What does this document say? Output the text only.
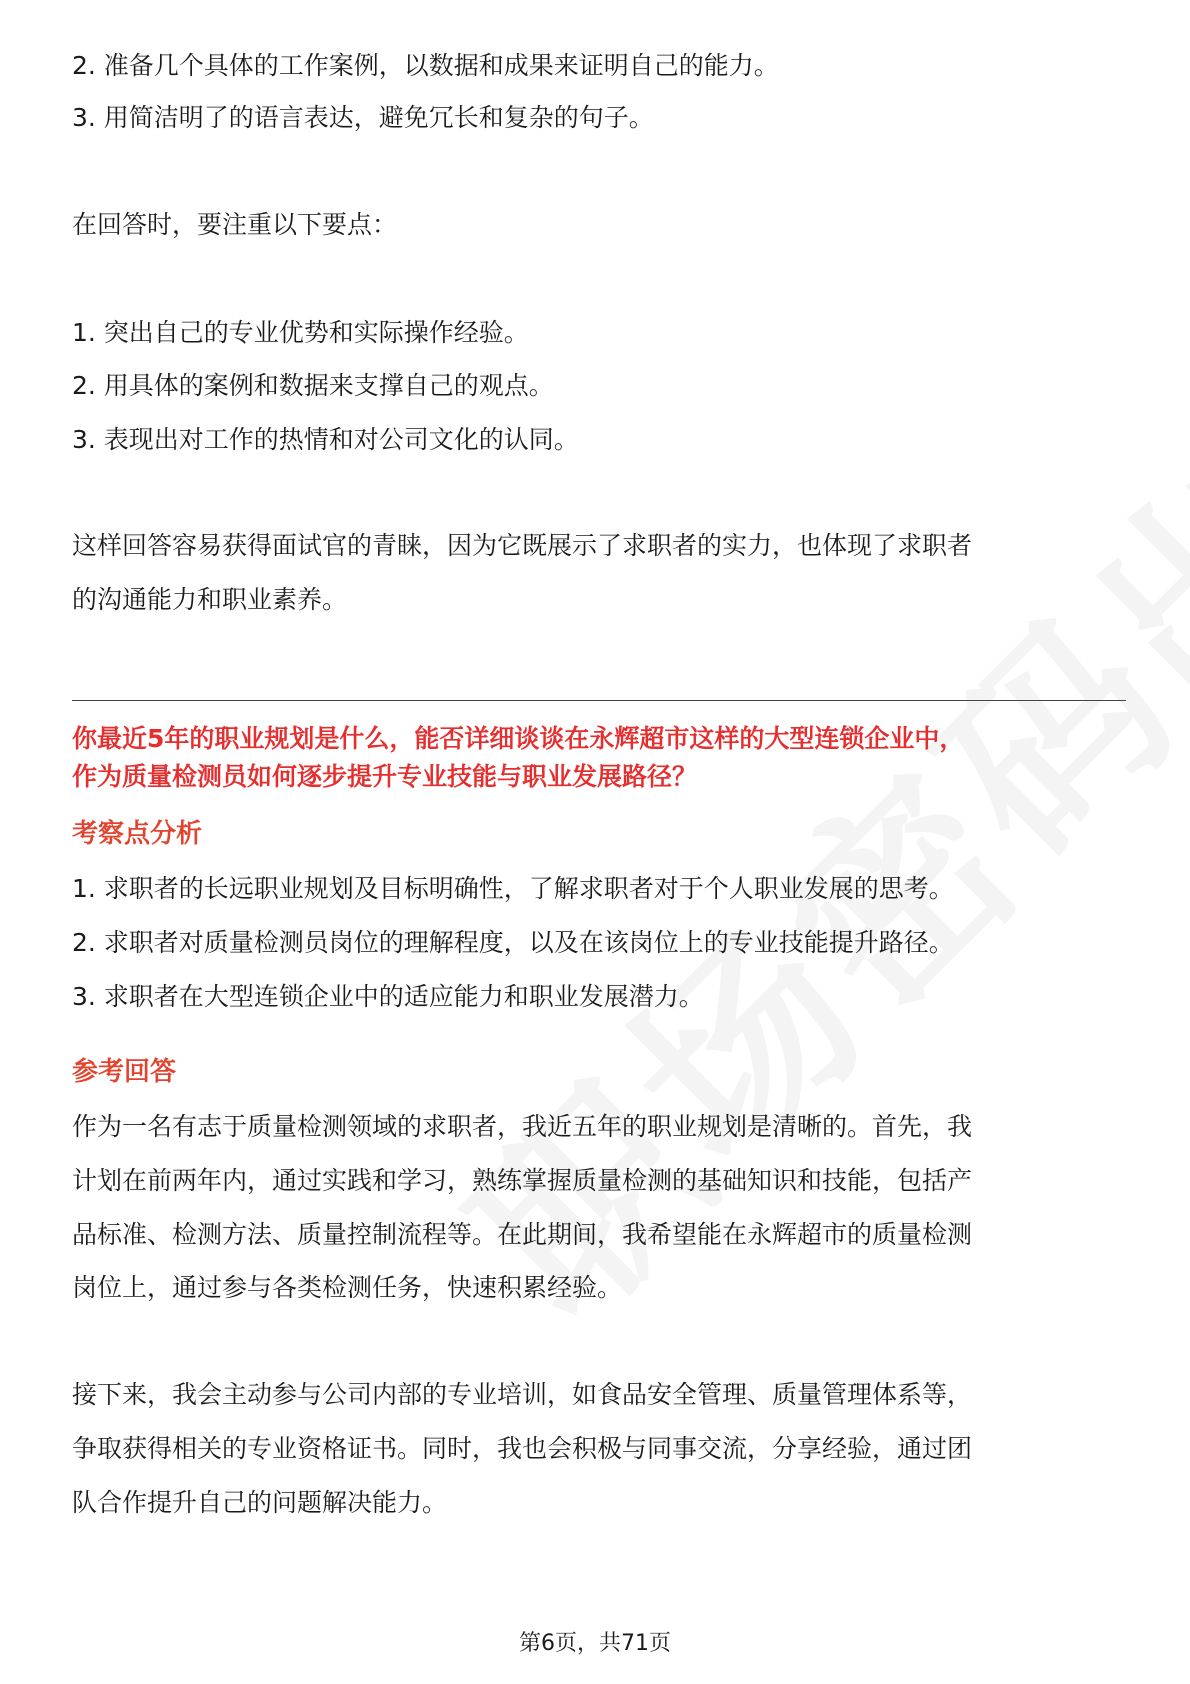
2. 准备几个具体的工作案例，以数据和成果来证明自己的能力。
3. 用简洁明了的语言表达，避免冗长和复杂的句子。
在回答时，要注重以下要点：
1. 突出自己的专业优势和实际操作经验。
2. 用具体的案例和数据来支撑自己的观点。
3. 表现出对工作的热情和对公司文化的认同。
这样回答容易获得面试官的青睐，因为它既展示了求职者的实力，也体现了求职者
的沟通能力和职业素养。
你最近5年的职业规划是什么，能否详细谈谈在永辉超市这样的大型连锁企业中，
作为质量检测员如何逐步提升专业技能与职业发展路径？
考察点分析
1. 求职者的长远职业规划及目标明确性，了解求职者对于个人职业发展的思考。
2. 求职者对质量检测员岗位的理解程度，以及在该岗位上的专业技能提升路径。
3. 求职者在大型连锁企业中的适应能力和职业发展潜力。
参考回答
作为一名有志于质量检测领域的求职者，我近五年的职业规划是清晰的。首先，我
计划在前两年内，通过实践和学习，熟练掌握质量检测的基础知识和技能，包括产
品标准、检测方法、质量控制流程等。在此期间，我希望能在永辉超市的质量检测
岗位上，通过参与各类检测任务，快速积累经验。
接下来，我会主动参与公司内部的专业培训，如食品安全管理、质量管理体系等，
争取获得相关的专业资格证书。同时，我也会积极与同事交流，分享经验，通过团
队合作提升自己的问题解决能力。
第6页，共71页
